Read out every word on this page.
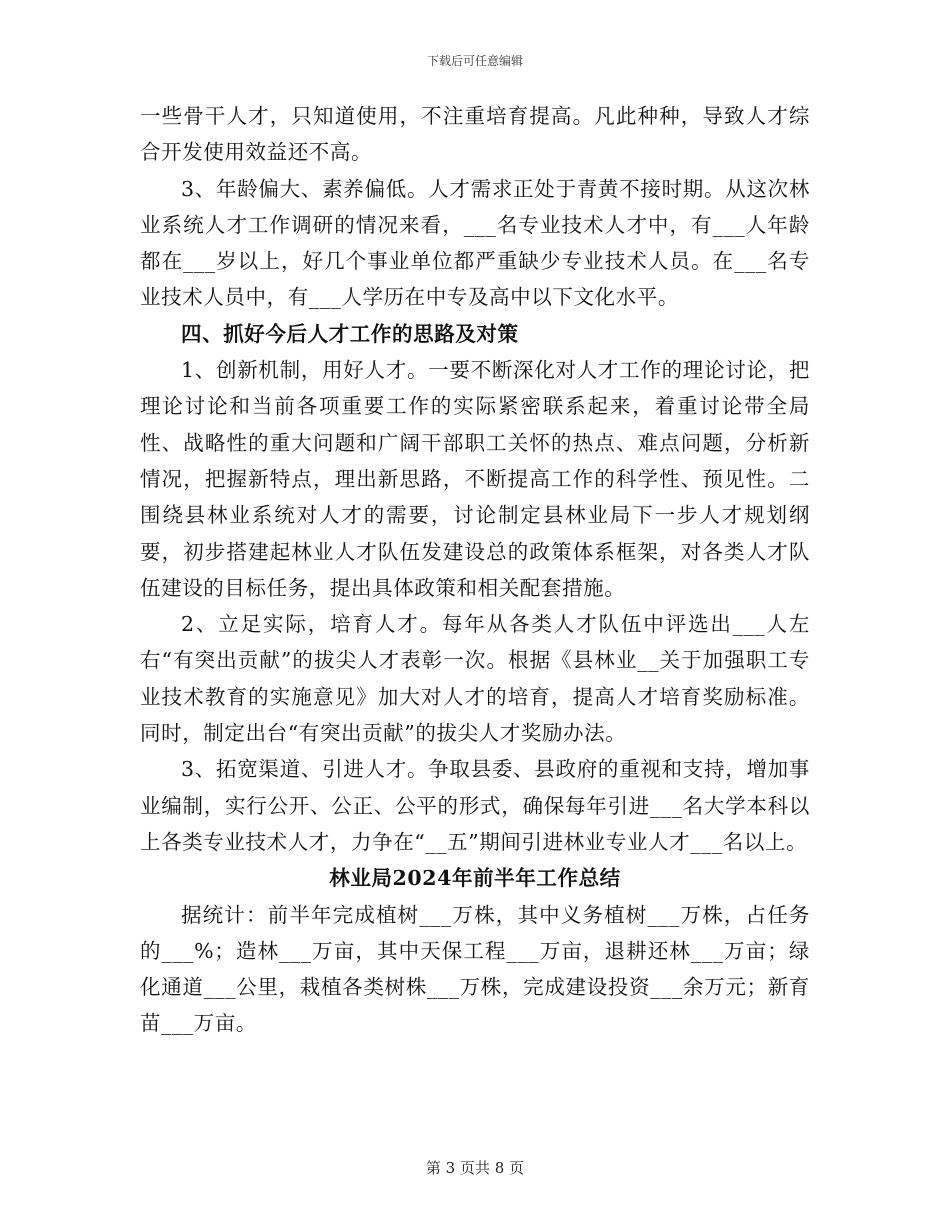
下载后可任意编辑

一些骨干人才，只知道使用，不注重培育提高。凡此种种，导致人才综合开发使用效益还不高。

3、年龄偏大、素养偏低。人才需求正处于青黄不接时期。从这次林业系统人才工作调研的情况来看，___名专业技术人才中，有___人年龄都在___岁以上，好几个事业单位都严重缺少专业技术人员。在___名专业技术人员中，有___人学历在中专及高中以下文化水平。

四、抓好今后人才工作的思路及对策

1、创新机制，用好人才。一要不断深化对人才工作的理论讨论，把理论讨论和当前各项重要工作的实际紧密联系起来，着重讨论带全局性、战略性的重大问题和广阔干部职工关怀的热点、难点问题，分析新情况，把握新特点，理出新思路，不断提高工作的科学性、预见性。二围绕县林业系统对人才的需要，讨论制定县林业局下一步人才规划纲要，初步搭建起林业人才队伍发建设总的政策体系框架，对各类人才队伍建设的目标任务，提出具体政策和相关配套措施。

2、立足实际，培育人才。每年从各类人才队伍中评选出___人左右“有突出贡献”的拔尖人才表彰一次。根据《县林业__关于加强职工专业技术教育的实施意见》加大对人才的培育，提高人才培育奖励标准。同时，制定出台“有突出贡献”的拔尖人才奖励办法。

3、拓宽渠道、引进人才。争取县委、县政府的重视和支持，增加事业编制，实行公开、公正、公平的形式，确保每年引进___名大学本科以上各类专业技术人才，力争在“__五”期间引进林业专业人才___名以上。

林业局2024年前半年工作总结

据统计：前半年完成植树___万株，其中义务植树___万株，占任务的___%；造林___万亩，其中天保工程___万亩，退耕还林___万亩；绿化通道___公里，栽植各类树株___万株，完成建设投资___余万元；新育苗___万亩。

第 3 页共 8 页
